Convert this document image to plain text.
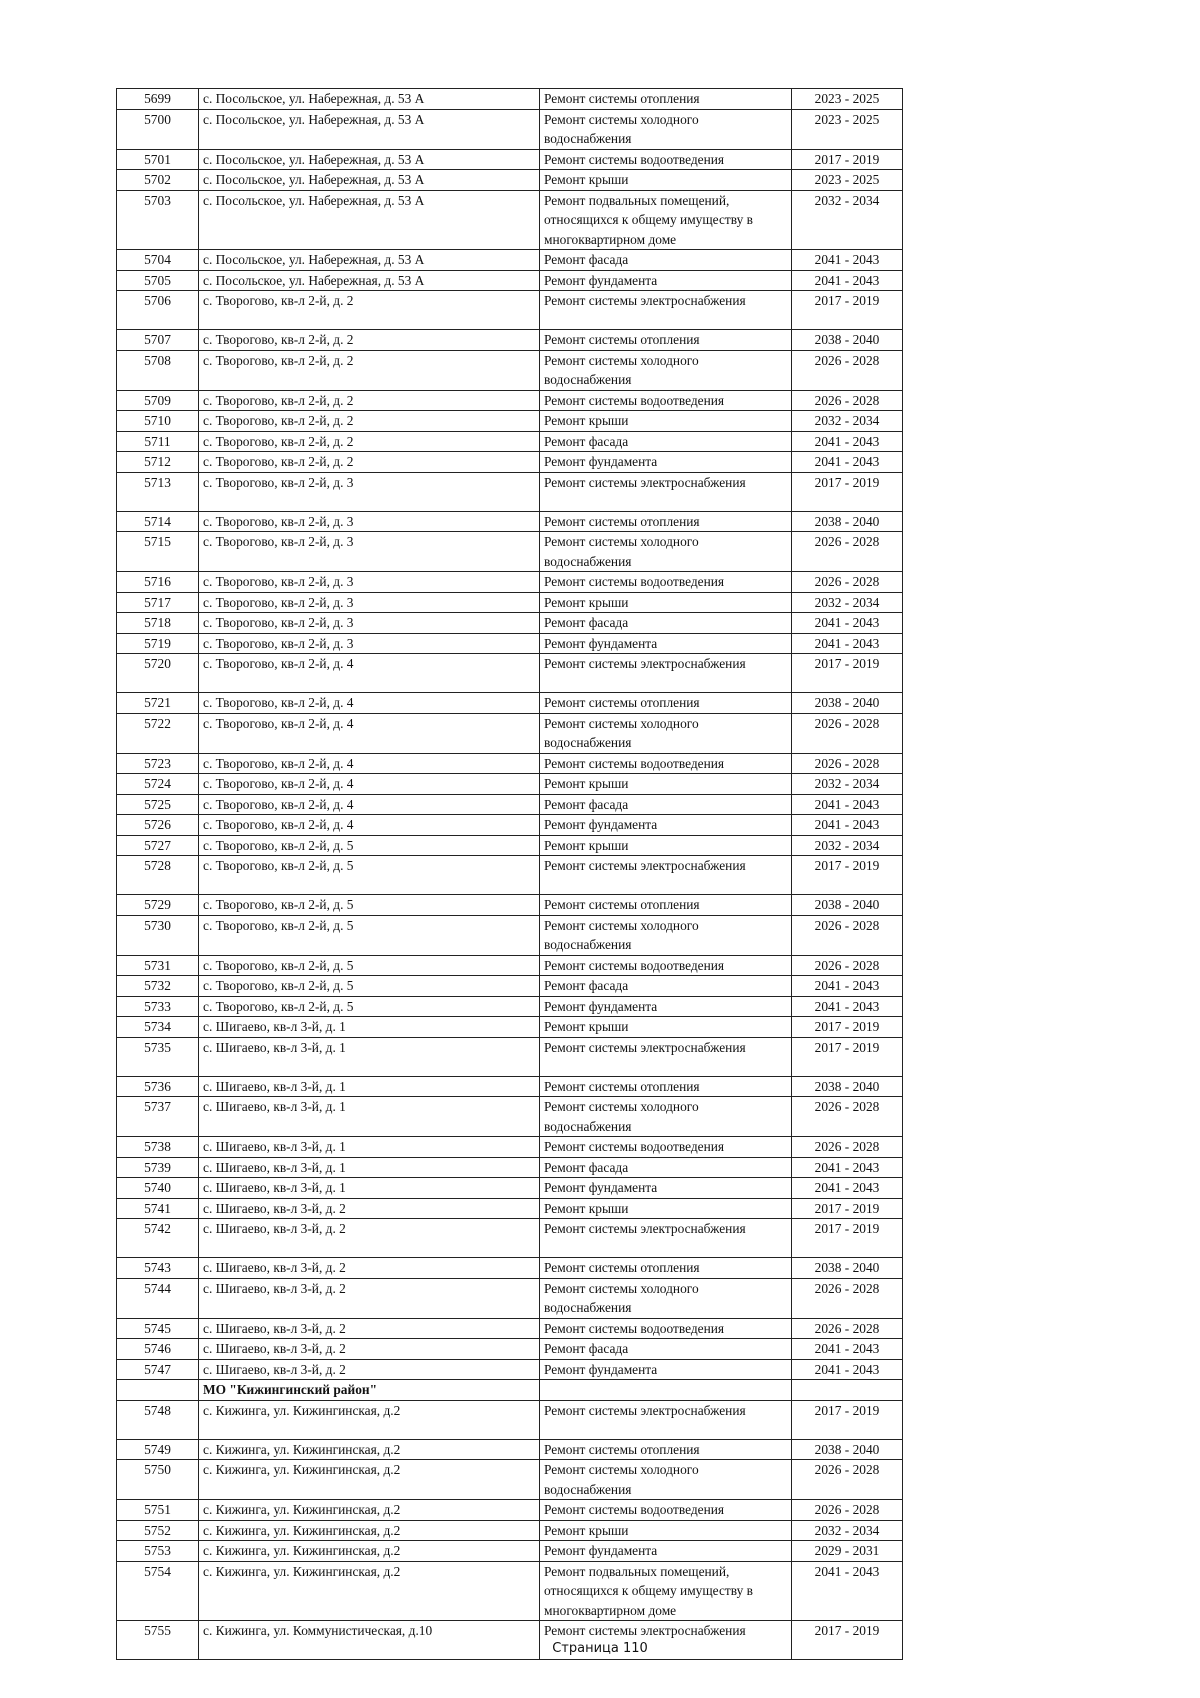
5699	с. Посольское, ул. Набережная, д. 53 А	Ремонт системы отопления	2023 - 2025
5700	с. Посольское, ул. Набережная, д. 53 А	Ремонт системы холодного водоснабжения	2023 - 2025
5701	с. Посольское, ул. Набережная, д. 53 А	Ремонт системы водоотведения	2017 - 2019
5702	с. Посольское, ул. Набережная, д. 53 А	Ремонт крыши	2023 - 2025
5703	с. Посольское, ул. Набережная, д. 53 А	Ремонт подвальных помещений, относящихся к общему имуществу в многоквартирном доме	2032 - 2034
5704	с. Посольское, ул. Набережная, д. 53 А	Ремонт фасада	2041 - 2043
5705	с. Посольское, ул. Набережная, д. 53 А	Ремонт фундамента	2041 - 2043
5706	с. Творогово, кв-л 2-й, д. 2	Ремонт системы электроснабжения	2017 - 2019
5707	с. Творогово, кв-л 2-й, д. 2	Ремонт системы отопления	2038 - 2040
5708	с. Творогово, кв-л 2-й, д. 2	Ремонт системы холодного водоснабжения	2026 - 2028
5709	с. Творогово, кв-л 2-й, д. 2	Ремонт системы водоотведения	2026 - 2028
5710	с. Творогово, кв-л 2-й, д. 2	Ремонт крыши	2032 - 2034
5711	с. Творогово, кв-л 2-й, д. 2	Ремонт фасада	2041 - 2043
5712	с. Творогово, кв-л 2-й, д. 2	Ремонт фундамента	2041 - 2043
5713	с. Творогово, кв-л 2-й, д. 3	Ремонт системы электроснабжения	2017 - 2019
5714	с. Творогово, кв-л 2-й, д. 3	Ремонт системы отопления	2038 - 2040
5715	с. Творогово, кв-л 2-й, д. 3	Ремонт системы холодного водоснабжения	2026 - 2028
5716	с. Творогово, кв-л 2-й, д. 3	Ремонт системы водоотведения	2026 - 2028
5717	с. Творогово, кв-л 2-й, д. 3	Ремонт крыши	2032 - 2034
5718	с. Творогово, кв-л 2-й, д. 3	Ремонт фасада	2041 - 2043
5719	с. Творогово, кв-л 2-й, д. 3	Ремонт фундамента	2041 - 2043
5720	с. Творогово, кв-л 2-й, д. 4	Ремонт системы электроснабжения	2017 - 2019
5721	с. Творогово, кв-л 2-й, д. 4	Ремонт системы отопления	2038 - 2040
5722	с. Творогово, кв-л 2-й, д. 4	Ремонт системы холодного водоснабжения	2026 - 2028
5723	с. Творогово, кв-л 2-й, д. 4	Ремонт системы водоотведения	2026 - 2028
5724	с. Творогово, кв-л 2-й, д. 4	Ремонт крыши	2032 - 2034
5725	с. Творогово, кв-л 2-й, д. 4	Ремонт фасада	2041 - 2043
5726	с. Творогово, кв-л 2-й, д. 4	Ремонт фундамента	2041 - 2043
5727	с. Творогово, кв-л 2-й, д. 5	Ремонт крыши	2032 - 2034
5728	с. Творогово, кв-л 2-й, д. 5	Ремонт системы электроснабжения	2017 - 2019
5729	с. Творогово, кв-л 2-й, д. 5	Ремонт системы отопления	2038 - 2040
5730	с. Творогово, кв-л 2-й, д. 5	Ремонт системы холодного водоснабжения	2026 - 2028
5731	с. Творогово, кв-л 2-й, д. 5	Ремонт системы водоотведения	2026 - 2028
5732	с. Творогово, кв-л 2-й, д. 5	Ремонт фасада	2041 - 2043
5733	с. Творогово, кв-л 2-й, д. 5	Ремонт фундамента	2041 - 2043
5734	с. Шигаево, кв-л 3-й, д. 1	Ремонт крыши	2017 - 2019
5735	с. Шигаево, кв-л 3-й, д. 1	Ремонт системы электроснабжения	2017 - 2019
5736	с. Шигаево, кв-л 3-й, д. 1	Ремонт системы отопления	2038 - 2040
5737	с. Шигаево, кв-л 3-й, д. 1	Ремонт системы холодного водоснабжения	2026 - 2028
5738	с. Шигаево, кв-л 3-й, д. 1	Ремонт системы водоотведения	2026 - 2028
5739	с. Шигаево, кв-л 3-й, д. 1	Ремонт фасада	2041 - 2043
5740	с. Шигаево, кв-л 3-й, д. 1	Ремонт фундамента	2041 - 2043
5741	с. Шигаево, кв-л 3-й, д. 2	Ремонт крыши	2017 - 2019
5742	с. Шигаево, кв-л 3-й, д. 2	Ремонт системы электроснабжения	2017 - 2019
5743	с. Шигаево, кв-л 3-й, д. 2	Ремонт системы отопления	2038 - 2040
5744	с. Шигаево, кв-л 3-й, д. 2	Ремонт системы холодного водоснабжения	2026 - 2028
5745	с. Шигаево, кв-л 3-й, д. 2	Ремонт системы водоотведения	2026 - 2028
5746	с. Шигаево, кв-л 3-й, д. 2	Ремонт фасада	2041 - 2043
5747	с. Шигаево, кв-л 3-й, д. 2	Ремонт фундамента	2041 - 2043
	МО "Кижингинский район"		
5748	с. Кижинга, ул. Кижингинская, д.2	Ремонт системы электроснабжения	2017 - 2019
5749	с. Кижинга, ул. Кижингинская, д.2	Ремонт системы отопления	2038 - 2040
5750	с. Кижинга, ул. Кижингинская, д.2	Ремонт системы холодного водоснабжения	2026 - 2028
5751	с. Кижинга, ул. Кижингинская, д.2	Ремонт системы водоотведения	2026 - 2028
5752	с. Кижинга, ул. Кижингинская, д.2	Ремонт крыши	2032 - 2034
5753	с. Кижинга, ул. Кижингинская, д.2	Ремонт фундамента	2029 - 2031
5754	с. Кижинга, ул. Кижингинская, д.2	Ремонт подвальных помещений, относящихся к общему имуществу в многоквартирном доме	2041 - 2043
5755	с. Кижинга, ул. Коммунистическая, д.10	Ремонт системы электроснабжения	2017 - 2019
Страница 110
